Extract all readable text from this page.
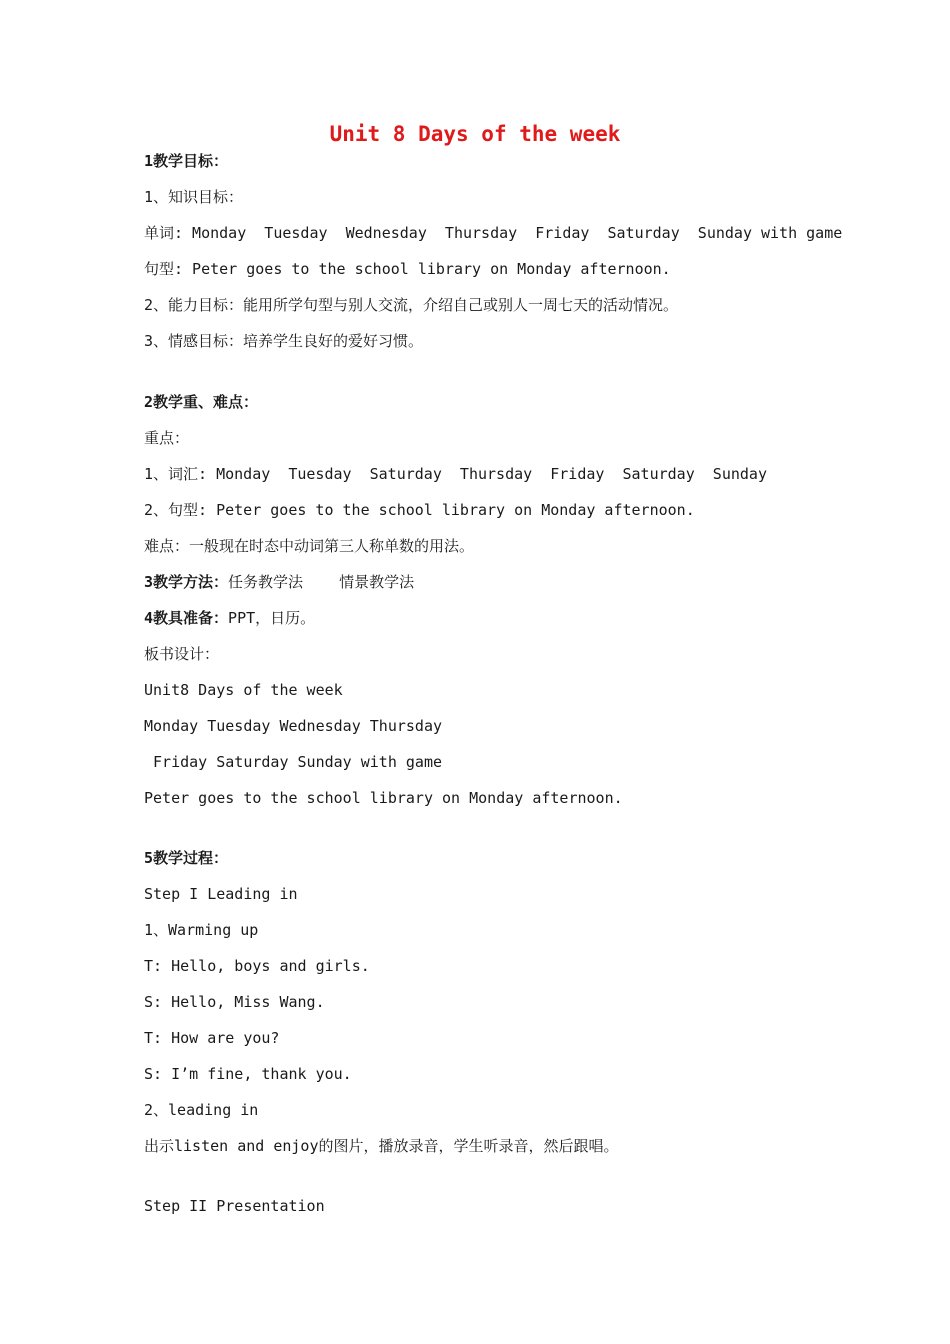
Unit 8 Days of the week
1教学目标：
1、知识目标：
单词: Monday  Tuesday  Wednesday  Thursday  Friday  Saturday  Sunday with game
句型: Peter goes to the school library on Monday afternoon.
2、能力目标：能用所学句型与别人交流，介绍自己或别人一周七天的活动情况。
3、情感目标：培养学生良好的爱好习惯。
2教学重、难点：
重点：
1、词汇: Monday  Tuesday  Saturday  Thursday  Friday  Saturday  Sunday
2、句型: Peter goes to the school library on Monday afternoon.
难点：一般现在时态中动词第三人称单数的用法。
3教学方法：任务教学法    情景教学法
4教具准备：PPT，日历。
板书设计：
Unit8 Days of the week
Monday Tuesday Wednesday Thursday
Friday Saturday Sunday with game
Peter goes to the school library on Monday afternoon.
5教学过程：
Step I Leading in
1、Warming up
T: Hello, boys and girls.
S: Hello, Miss Wang.
T: How are you?
S: I’m fine, thank you.
2、leading in
出示listen and enjoy的图片，播放录音，学生听录音，然后跟唱。
Step II Presentation
